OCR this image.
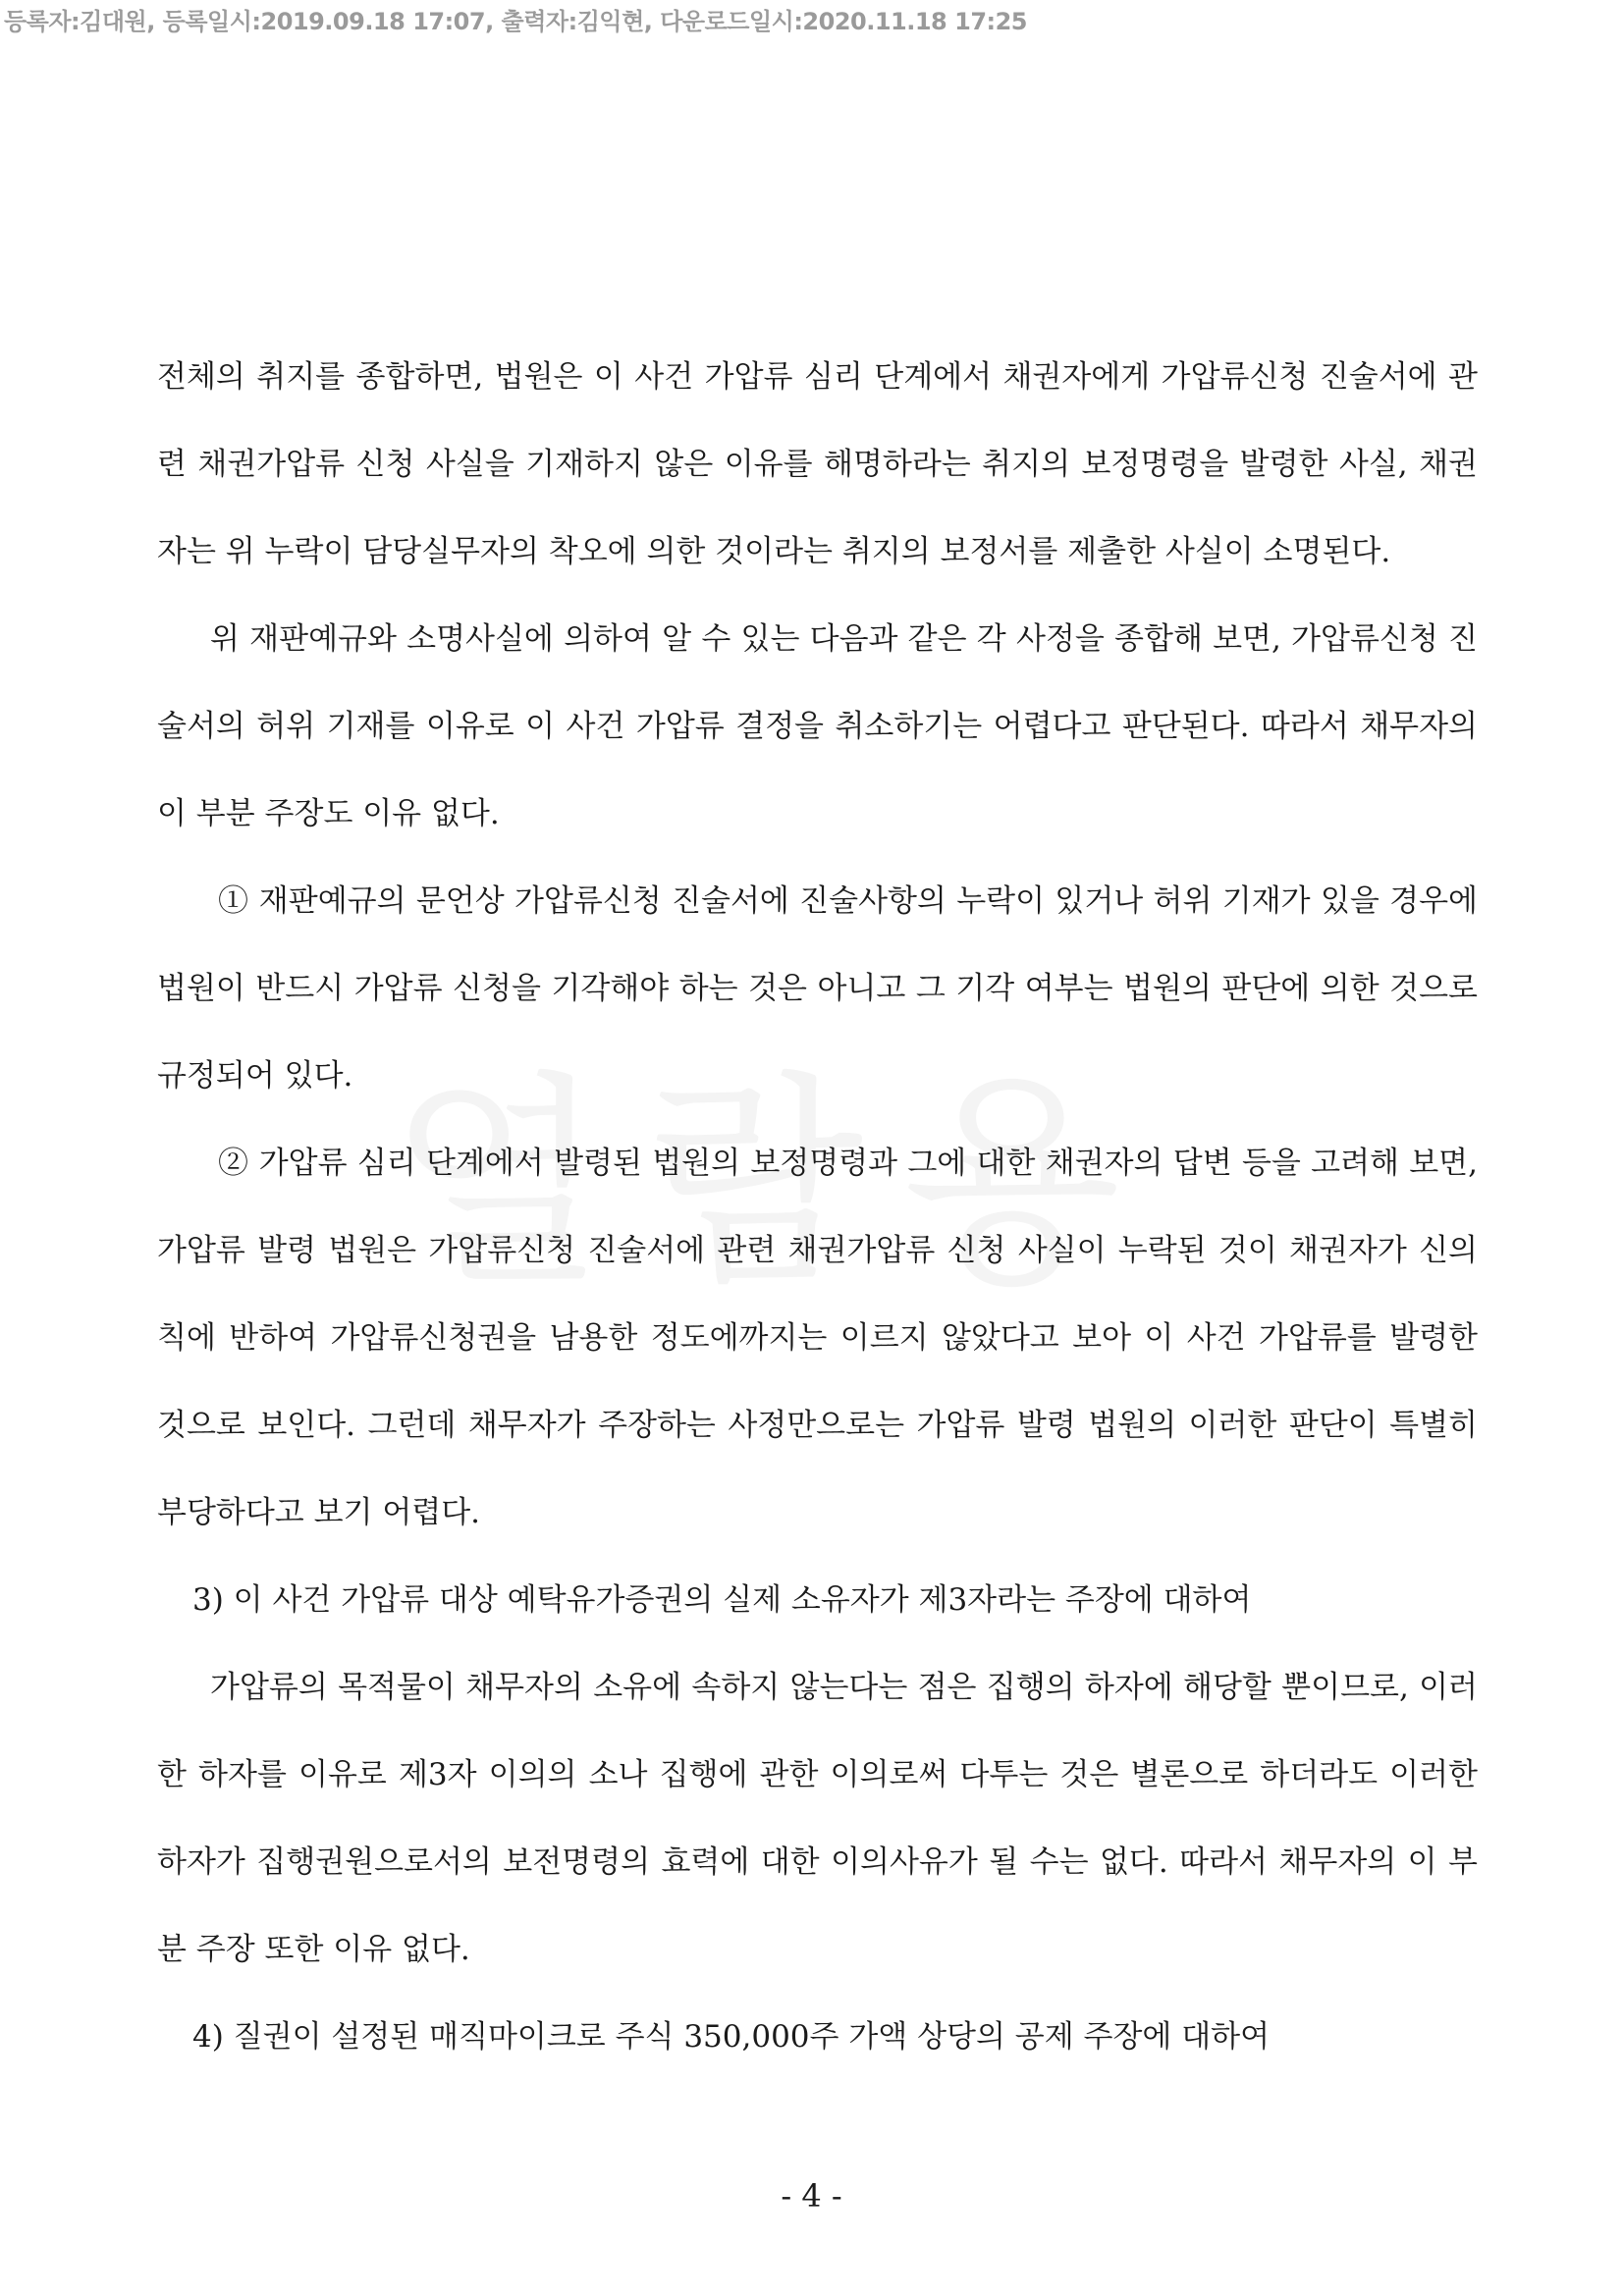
등록자:김대원, 등록일시:2019.09.18 17:07, 출력자:김익현, 다운로드일시:2020.11.18 17:25

전체의 취지를 종합하면, 법원은 이 사건 가압류 심리 단계에서 채권자에게 가압류신청 진술서에 관련 채권가압류 신청 사실을 기재하지 않은 이유를 해명하라는 취지의 보정명령을 발령한 사실, 채권자는 위 누락이 담당실무자의 착오에 의한 것이라는 취지의 보정서를 제출한 사실이 소명된다.

위 재판예규와 소명사실에 의하여 알 수 있는 다음과 같은 각 사정을 종합해 보면, 가압류신청 진술서의 허위 기재를 이유로 이 사건 가압류 결정을 취소하기는 어렵다고 판단된다. 따라서 채무자의 이 부분 주장도 이유 없다.

① 재판예규의 문언상 가압류신청 진술서에 진술사항의 누락이 있거나 허위 기재가 있을 경우에 법원이 반드시 가압류 신청을 기각해야 하는 것은 아니고 그 기각 여부는 법원의 판단에 의한 것으로 규정되어 있다.

② 가압류 심리 단계에서 발령된 법원의 보정명령과 그에 대한 채권자의 답변 등을 고려해 보면, 가압류 발령 법원은 가압류신청 진술서에 관련 채권가압류 신청 사실이 누락된 것이 채권자가 신의칙에 반하여 가압류신청권을 남용한 정도에까지는 이르지 않았다고 보아 이 사건 가압류를 발령한 것으로 보인다. 그런데 채무자가 주장하는 사정만으로는 가압류 발령 법원의 이러한 판단이 특별히 부당하다고 보기 어렵다.

3) 이 사건 가압류 대상 예탁유가증권의 실제 소유자가 제3자라는 주장에 대하여

가압류의 목적물이 채무자의 소유에 속하지 않는다는 점은 집행의 하자에 해당할 뿐이므로, 이러한 하자를 이유로 제3자 이의의 소나 집행에 관한 이의로써 다투는 것은 별론으로 하더라도 이러한 하자가 집행권원으로서의 보전명령의 효력에 대한 이의사유가 될 수는 없다. 따라서 채무자의 이 부분 주장 또한 이유 없다.

4) 질권이 설정된 매직마이크로 주식 350,000주 가액 상당의 공제 주장에 대하여

- 4 -
